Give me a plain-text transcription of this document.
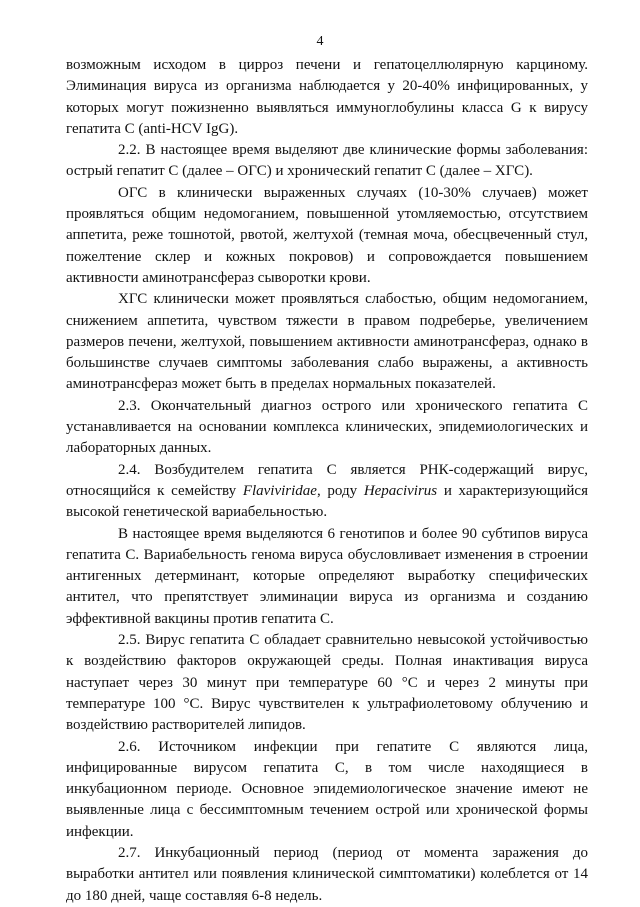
4

возможным исходом в цирроз печени и гепатоцеллюлярную карциному. Элиминация вируса из организма наблюдается у 20-40% инфицированных, у которых могут пожизненно выявляться иммуноглобулины класса G к вирусу гепатита С (anti-HCV IgG).

2.2. В настоящее время выделяют две клинические формы заболевания: острый гепатит С (далее – ОГС) и хронический гепатит С (далее – ХГС).

ОГС в клинически выраженных случаях (10-30% случаев) может проявляться общим недомоганием, повышенной утомляемостью, отсутствием аппетита, реже тошнотой, рвотой, желтухой (темная моча, обесцвеченный стул, пожелтение склер и кожных покровов) и сопровождается повышением активности аминотрансфераз сыворотки крови.

ХГС клинически может проявляться слабостью, общим недомоганием, снижением аппетита, чувством тяжести в правом подреберье, увеличением размеров печени, желтухой, повышением активности аминотрансфераз, однако в большинстве случаев симптомы заболевания слабо выражены, а активность аминотрансфераз может быть в пределах нормальных показателей.

2.3. Окончательный диагноз острого или хронического гепатита С устанавливается на основании комплекса клинических, эпидемиологических и лабораторных данных.

2.4. Возбудителем гепатита С является РНК-содержащий вирус, относящийся к семейству Flaviviridae, роду Hepacivirus и характеризующийся высокой генетической вариабельностью.

В настоящее время выделяются 6 генотипов и более 90 субтипов вируса гепатита С. Вариабельность генома вируса обусловливает изменения в строении антигенных детерминант, которые определяют выработку специфических антител, что препятствует элиминации вируса из организма и созданию эффективной вакцины против гепатита С.

2.5. Вирус гепатита С обладает сравнительно невысокой устойчивостью к воздействию факторов окружающей среды. Полная инактивация вируса наступает через 30 минут при температуре 60 °С и через 2 минуты при температуре 100 °С. Вирус чувствителен к ультрафиолетовому облучению и воздействию растворителей липидов.

2.6. Источником инфекции при гепатите С являются лица, инфицированные вирусом гепатита С, в том числе находящиеся в инкубационном периоде. Основное эпидемиологическое значение имеют не выявленные лица с бессимптомным течением острой или хронической формы инфекции.

2.7. Инкубационный период (период от момента заражения до выработки антител или появления клинической симптоматики) колеблется от 14 до 180 дней, чаще составляя 6-8 недель.
